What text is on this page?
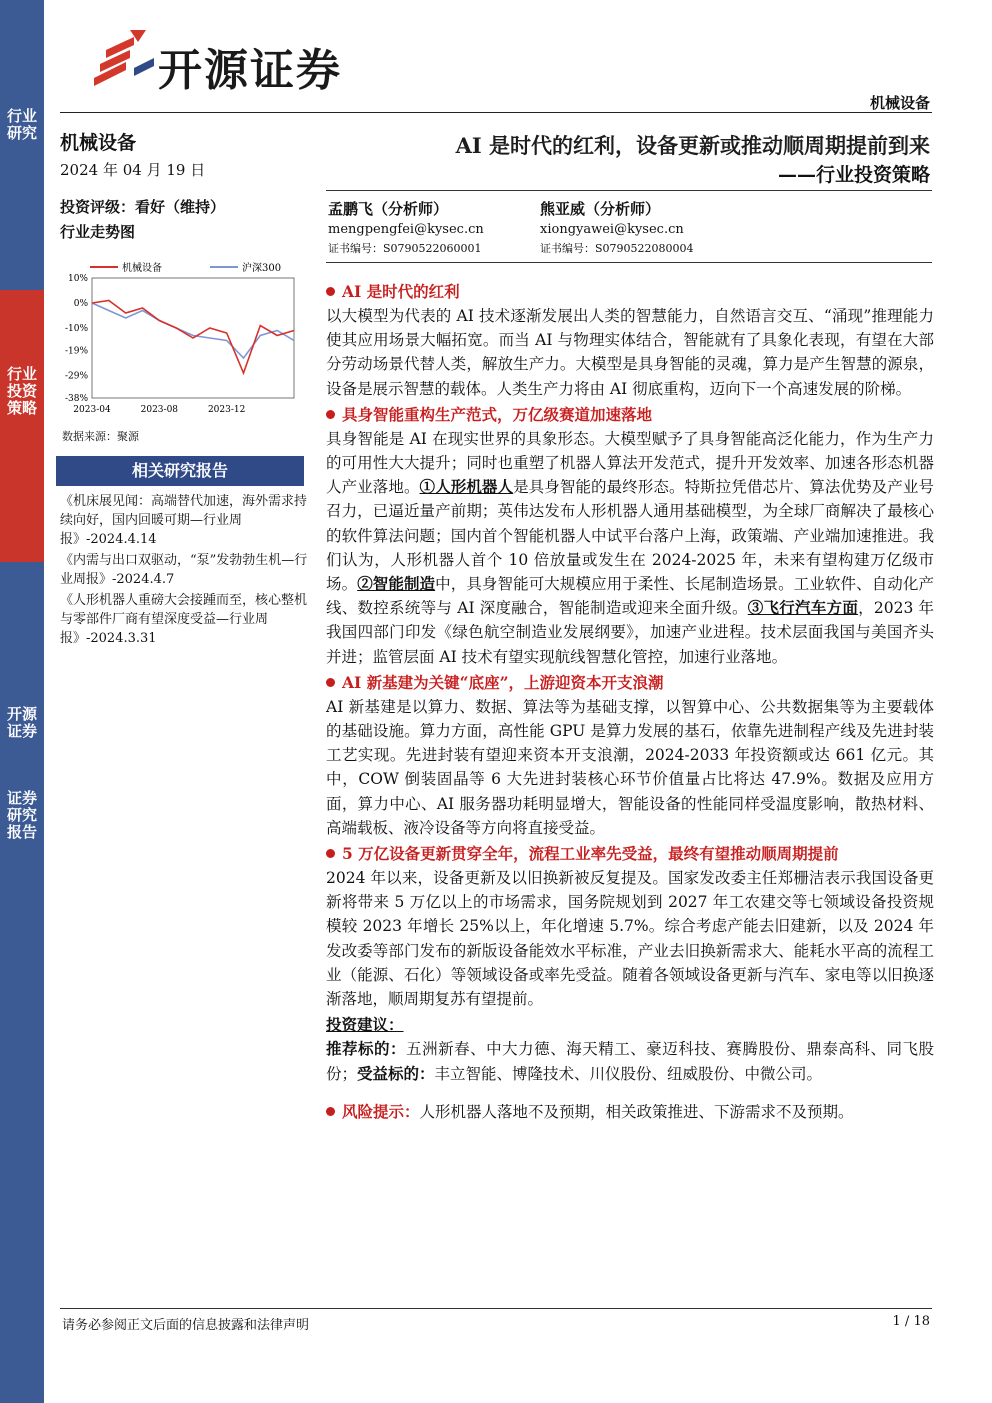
行业研究
行业投资策略
开源证券
证券研究报告
开源证券
机械设备
机械设备
2024 年 04 月 19 日
投资评级：看好（维持）
行业走势图
10%
0%
-10%
-19%
-29%
-38%
2023-04	2023-08	2023-12
机械设备	沪深300
数据来源：聚源
相关研究报告

《机床展见闻：高端替代加速，海外需求持续向好，国内回暖可期—行业周报》-2024.4.14

《内需与出口双驱动，“泵”发勃勃生机—行业周报》-2024.4.7

《人形机器人重磅大会接踵而至，核心整机与零部件厂商有望深度受益—行业周报》-2024.3.31

AI 是时代的红利，设备更新或推动顺周期提前到来
——行业投资策略
孟鹏飞（分析师）
mengpengfei@kysec.cn
证书编号：S0790522060001
熊亚威（分析师）
xiongyawei@kysec.cn
证书编号：S0790522080004
AI 是时代的红利
以大模型为代表的 AI 技术逐渐发展出人类的智慧能力，自然语言交互、“涌现”推理能力使其应用场景大幅拓宽。而当 AI 与物理实体结合，智能就有了具象化表现，有望在大部分劳动场景代替人类，解放生产力。大模型是具身智能的灵魂，算力是产生智慧的源泉，设备是展示智慧的载体。人类生产力将由 AI 彻底重构，迈向下一个高速发展的阶梯。
具身智能重构生产范式，万亿级赛道加速落地
具身智能是 AI 在现实世界的具象形态。大模型赋予了具身智能高泛化能力，作为生产力的可用性大大提升；同时也重塑了机器人算法开发范式，提升开发效率、加速各形态机器人产业落地。①人形机器人是具身智能的最终形态。特斯拉凭借芯片、算法优势及产业号召力，已逼近量产前期；英伟达发布人形机器人通用基础模型，为全球厂商解决了最核心的软件算法问题；国内首个智能机器人中试平台落户上海，政策端、产业端加速推进。我们认为，人形机器人首个 10 倍放量或发生在 2024-2025 年，未来有望构建万亿级市场。②智能制造中，具身智能可大规模应用于柔性、长尾制造场景。工业软件、自动化产线、数控系统等与 AI 深度融合，智能制造或迎来全面升级。③飞行汽车方面，2023 年我国四部门印发《绿色航空制造业发展纲要》，加速产业进程。技术层面我国与美国齐头并进；监管层面 AI 技术有望实现航线智慧化管控，加速行业落地。
AI 新基建为关键“底座”，上游迎资本开支浪潮
AI 新基建是以算力、数据、算法等为基础支撑，以智算中心、公共数据集等为主要载体的基础设施。算力方面，高性能 GPU 是算力发展的基石，依靠先进制程产线及先进封装工艺实现。先进封装有望迎来资本开支浪潮，2024-2033 年投资额或达 661 亿元。其中，COW 倒装固晶等 6 大先进封装核心环节价值量占比将达 47.9%。数据及应用方面，算力中心、AI 服务器功耗明显增大，智能设备的性能同样受温度影响，散热材料、高端载板、液冷设备等方向将直接受益。
5 万亿设备更新贯穿全年，流程工业率先受益，最终有望推动顺周期提前
2024 年以来，设备更新及以旧换新被反复提及。国家发改委主任郑栅洁表示我国设备更新将带来 5 万亿以上的市场需求，国务院规划到 2027 年工农建交等七领域设备投资规模较 2023 年增长 25%以上，年化增速 5.7%。综合考虑产能去旧建新，以及 2024 年发改委等部门发布的新版设备能效水平标准，产业去旧换新需求大、能耗水平高的流程工业（能源、石化）等领域设备或率先受益。随着各领域设备更新与汽车、家电等以旧换逐渐落地，顺周期复苏有望提前。
投资建议：
推荐标的：五洲新春、中大力德、海天精工、豪迈科技、赛腾股份、鼎泰高科、同飞股份；受益标的：丰立智能、博隆技术、川仪股份、纽威股份、中微公司。
风险提示：人形机器人落地不及预期，相关政策推进、下游需求不及预期。
请务必参阅正文后面的信息披露和法律声明	1 / 18
